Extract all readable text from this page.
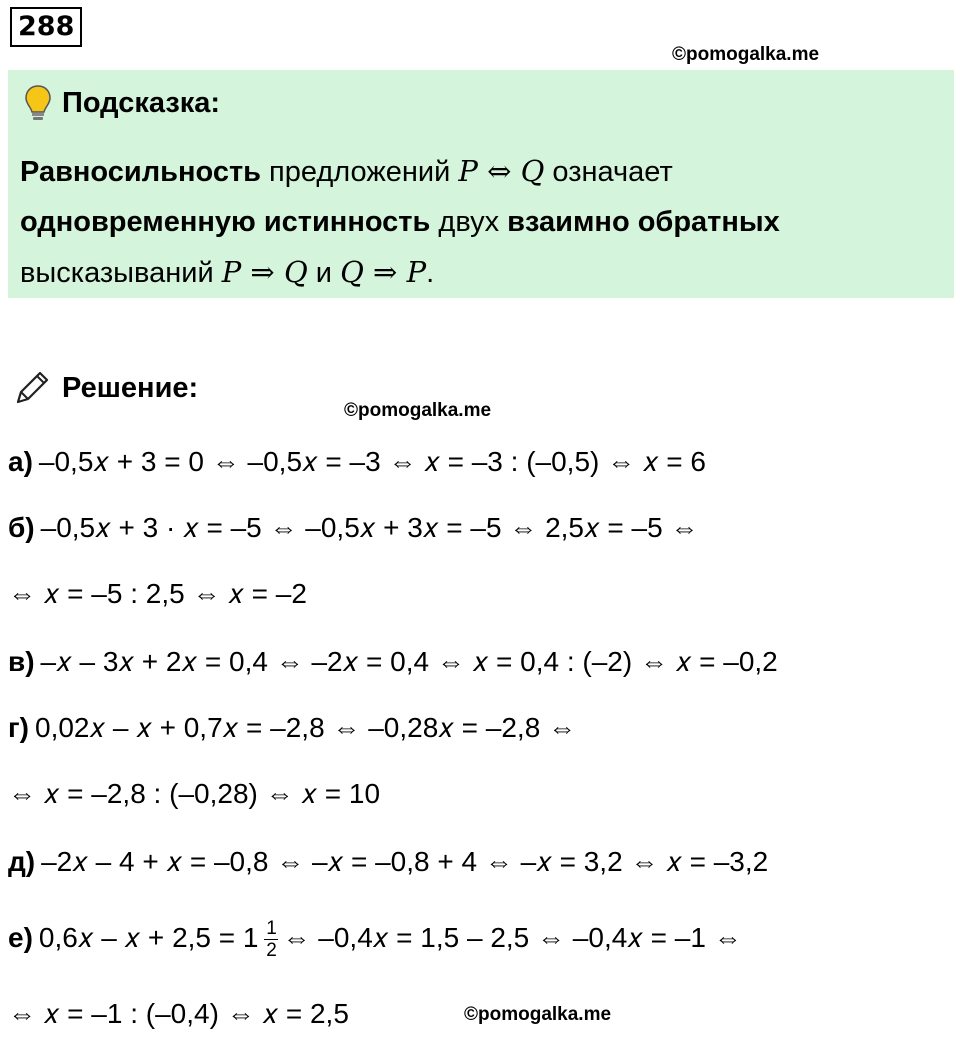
288
©pomogalka.me
Подсказка:
Равносильность предложений P ⇔ Q означает
одновременную истинность двух взаимно обратных
высказываний P ⇒ Q и Q ⇒ P.
Решение:
©pomogalka.me
а) –0,5𝑥 + 3 = 0 ⇔ –0,5𝑥 = –3 ⇔ 𝑥 = –3 : (–0,5) ⇔ 𝑥 = 6
б) –0,5𝑥 + 3 · 𝑥 = –5 ⇔ –0,5𝑥 + 3𝑥 = –5 ⇔ 2,5𝑥 = –5 ⇔
⇔ 𝑥 = –5 : 2,5 ⇔ 𝑥 = –2
в) –𝑥 – 3𝑥 + 2𝑥 = 0,4 ⇔ –2𝑥 = 0,4 ⇔ 𝑥 = 0,4 : (–2) ⇔ 𝑥 = –0,2
г) 0,02𝑥 – 𝑥 + 0,7𝑥 = –2,8 ⇔ –0,28𝑥 = –2,8 ⇔
⇔ 𝑥 = –2,8 : (–0,28) ⇔ 𝑥 = 10
д) –2𝑥 – 4 + 𝑥 = –0,8 ⇔ –𝑥 = –0,8 + 4 ⇔ –𝑥 = 3,2 ⇔ 𝑥 = –3,2
е) 0,6𝑥 – 𝑥 + $2,5 = 1 \frac{1}{2}$ ⇔ –0,4𝑥 = 1,5 – 2,5 ⇔ –0,4𝑥 = –1 ⇔
⇔ 𝑥 = –1 : (–0,4) ⇔ 𝑥 = 2,5	©pomogalka.me
